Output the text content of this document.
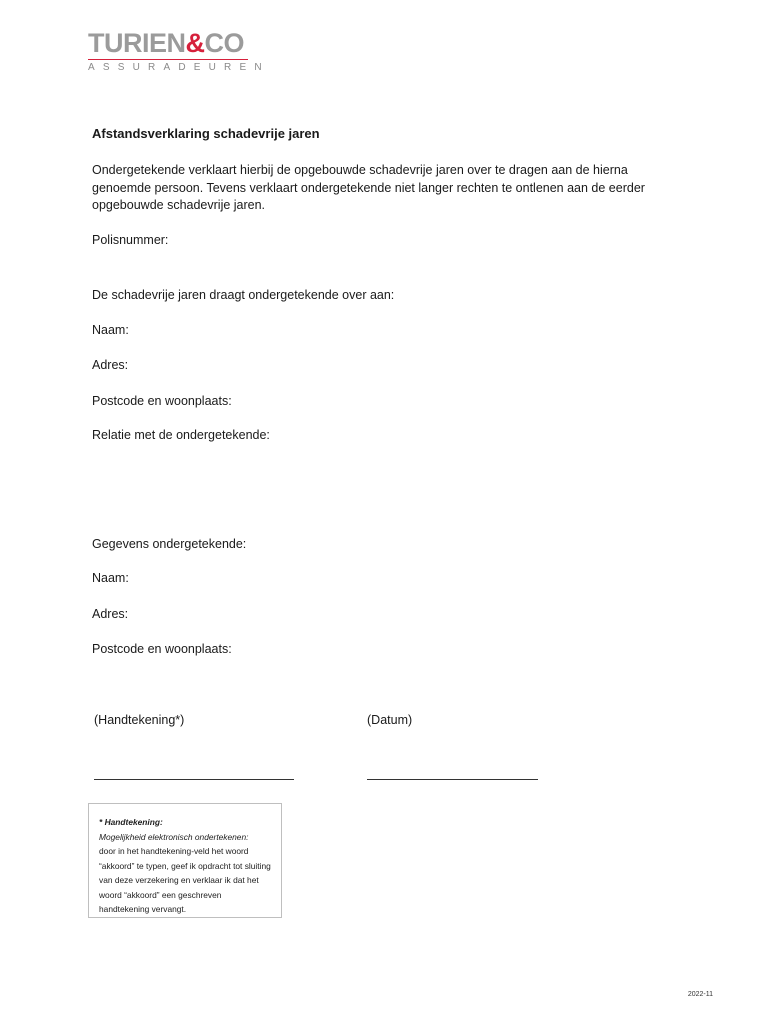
TURIEN&CO
ASSURADEUREN
Afstandsverklaring schadevrije jaren
Ondergetekende verklaart hierbij de opgebouwde schadevrije jaren over te dragen aan de hierna genoemde persoon. Tevens verklaart ondergetekende niet langer rechten te ontlenen aan de eerder opgebouwde schadevrije jaren.
Polisnummer:
De schadevrije jaren draagt ondergetekende over aan:
Naam:
Adres:
Postcode en woonplaats:
Relatie met de ondergetekende:
Gegevens ondergetekende:
Naam:
Adres:
Postcode en woonplaats:
(Handtekening*)	(Datum)
* Handtekening:
Mogelijkheid elektronisch ondertekenen:
door in het handtekening-veld het woord “akkoord” te typen, geef ik opdracht tot sluiting van deze verzekering en verklaar ik dat het woord “akkoord” een geschreven handtekening vervangt.
2022-11
